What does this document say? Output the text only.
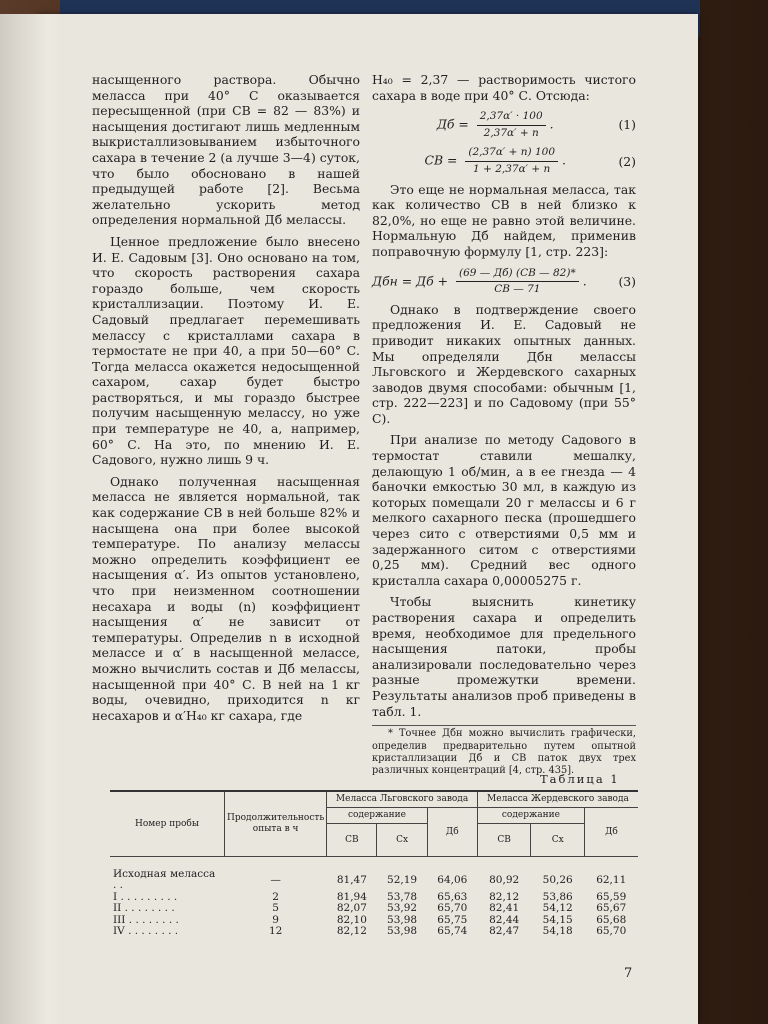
насыщенного раствора. Обычно меласса при 40° С оказывается пересыщенной (при СВ = 82 — 83%) и насыщения достигают лишь медленным выкристаллизовыванием избыточного сахара в течение 2 (а лучше 3—4) суток, что было обосновано в нашей предыдущей работе [2]. Весьма желательно ускорить метод определения нормальной Дб мелассы.

Ценное предложение было внесено И. Е. Садовым [3]. Оно основано на том, что скорость растворения сахара гораздо больше, чем скорость кристаллизации. Поэтому И. Е. Садовый предлагает перемешивать мелассу с кристаллами сахара в термостате не при 40, а при 50—60° С. Тогда меласса окажется недосыщенной сахаром, сахар будет быстро растворяться, и мы гораздо быстрее получим насыщенную мелассу, но уже при температуре не 40, а, например, 60° С. На это, по мнению И. Е. Садового, нужно лишь 9 ч.

Однако полученная насыщенная меласса не является нормальной, так как содержание СВ в ней больше 82% и насыщена она при более высокой температуре. По анализу мелассы можно определить коэффициент ее насыщения α′. Из опытов установлено, что при неизменном соотношении несахара и воды (n) коэффициент насыщения α′ не зависит от температуры. Определив n в исходной мелассе и α′ в насыщенной мелассе, можно вычислить состав и Дб мелассы, насыщенной при 40° С. В ней на 1 кг воды, очевидно, приходится n кг несахаров и α′H₄₀ кг сахара, где

H₄₀ = 2,37 — растворимость чистого сахара в воде при 40° С. Отсюда:

Дб = $\frac{2,37\alpha' \cdot 100}{2,37\alpha' + n}$ .	(1)
СВ = $\frac{(2,37\alpha' + n) 100}{1 + 2,37\alpha' + n}$ .	(2)

Это еще не нормальная меласса, так как количество СВ в ней близко к 82,0%, но еще не равно этой величине. Нормальную Дб найдем, применив поправочную формулу [1, стр. 223]:

Дбн = Дб + $\frac{(69 — Дб) (СВ — 82)*}{СВ — 71}$ .	(3)

Однако в подтверждение своего предложения И. Е. Садовый не приводит никаких опытных данных. Мы определяли Дбн мелассы Льговского и Жердевского сахарных заводов двумя способами: обычным [1, стр. 222—223] и по Садовому (при 55° С).

При анализе по методу Садового в термостат ставили мешалку, делающую 1 об/мин, а в ее гнезда — 4 баночки емкостью 30 мл, в каждую из которых помещали 20 г мелассы и 6 г мелкого сахарного песка (прошедшего через сито с отверстиями 0,5 мм и задержанного ситом с отверстиями 0,25 мм). Средний вес одного кристалла сахара 0,00005275 г.

Чтобы выяснить кинетику растворения сахара и определить время, необходимое для предельного насыщения патоки, пробы анализировали последовательно через разные промежутки времени. Результаты анализов проб приведены в табл. 1.

* Точнее Дбн можно вычислить графически, определив предварительно путем опытной кристаллизации Дб и СВ паток двух трех различных концентраций [4, стр. 435].
Таблица 1
Номер пробы	Продолжительность опыта в ч	Меласса Льговского завода			Меласса Жердевского завода		
		содержание		Дб	содержание		Дб
		СВ	Сх		СВ	Сх	
Исходная меласса . .	—	81,47	52,19	64,06	80,92	50,26	62,11
I . . . . . . . . .	2	81,94	53,78	65,63	82,12	53,86	65,59
II . . . . . . . .	5	82,07	53,92	65,70	82,41	54,12	65,67
III . . . . . . . .	9	82,10	53,98	65,75	82,44	54,15	65,68
IV . . . . . . . .	12	82,12	53,98	65,74	82,47	54,18	65,70
7
